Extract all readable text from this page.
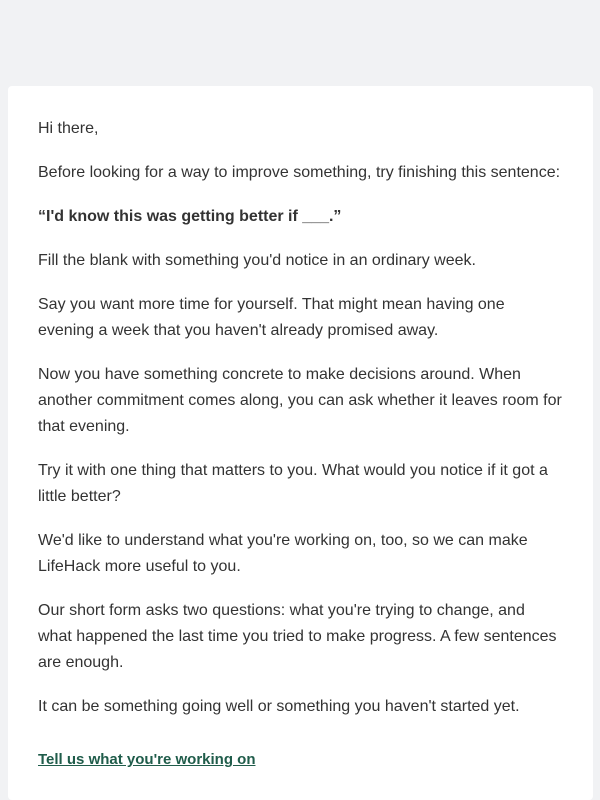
Hi there,

Before looking for a way to improve something, try finishing this sentence:

“I'd know this was getting better if ___.”

Fill the blank with something you'd notice in an ordinary week.

Say you want more time for yourself. That might mean having one evening a week that you haven't already promised away.

Now you have something concrete to make decisions around. When another commitment comes along, you can ask whether it leaves room for that evening.

Try it with one thing that matters to you. What would you notice if it got a little better?

We'd like to understand what you're working on, too, so we can make LifeHack more useful to you.

Our short form asks two questions: what you're trying to change, and what happened the last time you tried to make progress. A few sentences are enough.

It can be something going well or something you haven't started yet.

Tell us what you're working on
